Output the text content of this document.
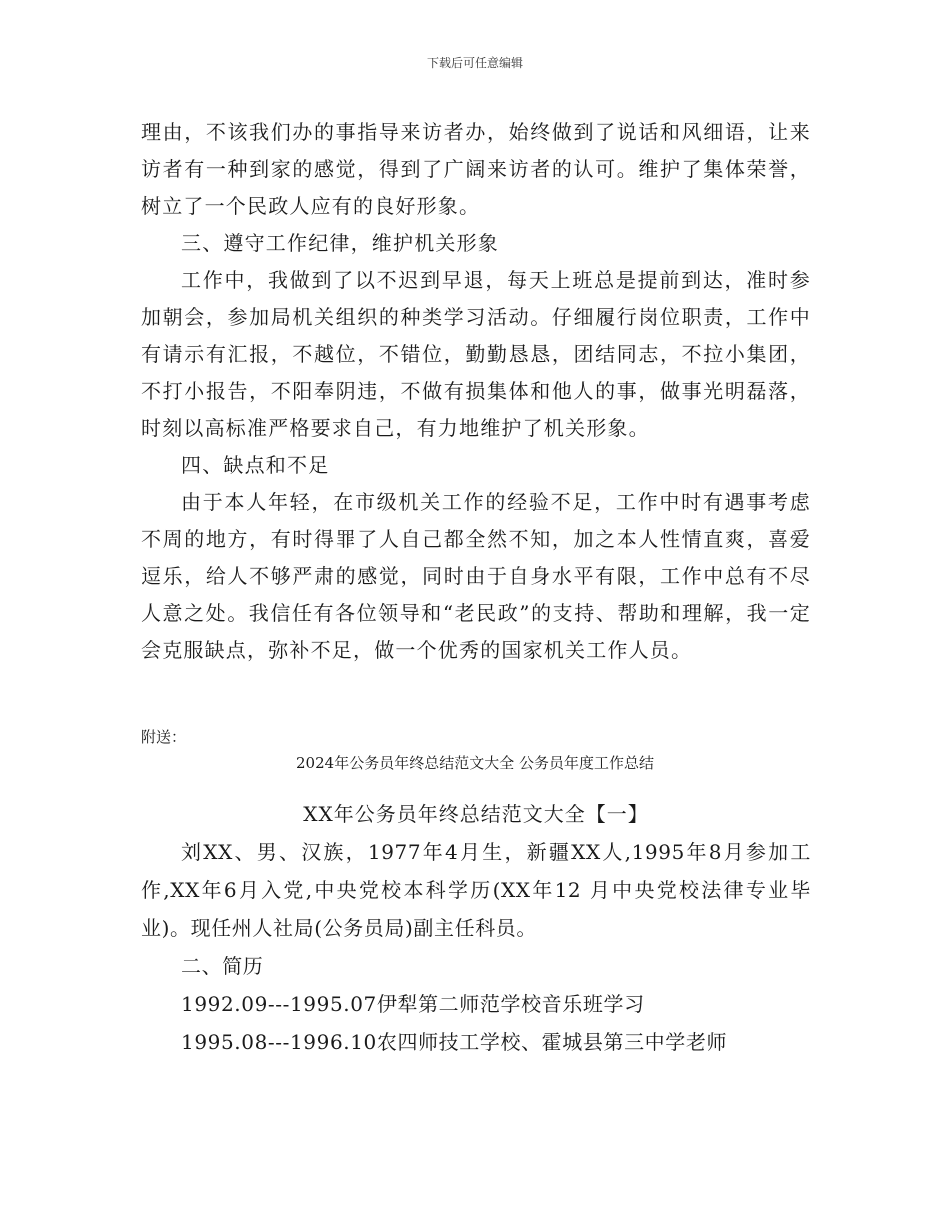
下载后可任意编辑

理由，不该我们办的事指导来访者办，始终做到了说话和风细语，让来访者有一种到家的感觉，得到了广阔来访者的认可。维护了集体荣誉，树立了一个民政人应有的良好形象。

三、遵守工作纪律，维护机关形象

工作中，我做到了以不迟到早退，每天上班总是提前到达，准时参加朝会，参加局机关组织的种类学习活动。仔细履行岗位职责，工作中有请示有汇报，不越位，不错位，勤勤恳恳，团结同志，不拉小集团，不打小报告，不阳奉阴违，不做有损集体和他人的事，做事光明磊落，时刻以高标准严格要求自己，有力地维护了机关形象。

四、缺点和不足

由于本人年轻，在市级机关工作的经验不足，工作中时有遇事考虑不周的地方，有时得罪了人自己都全然不知，加之本人性情直爽，喜爱逗乐，给人不够严肃的感觉，同时由于自身水平有限，工作中总有不尽人意之处。我信任有各位领导和“老民政”的支持、帮助和理解，我一定会克服缺点，弥补不足，做一个优秀的国家机关工作人员。

附送：
2024年公务员年终总结范文大全 公务员年度工作总结

XX年公务员年终总结范文大全【一】

刘XX、男、汉族，1977年4月生，新疆XX人,1995年8月参加工作,XX年6月入党,中央党校本科学历(XX年12 月中央党校法律专业毕业)。现任州人社局(公务员局)副主任科员。

二、简历

1992.09---1995.07伊犁第二师范学校音乐班学习

1995.08---1996.10农四师技工学校、霍城县第三中学老师
